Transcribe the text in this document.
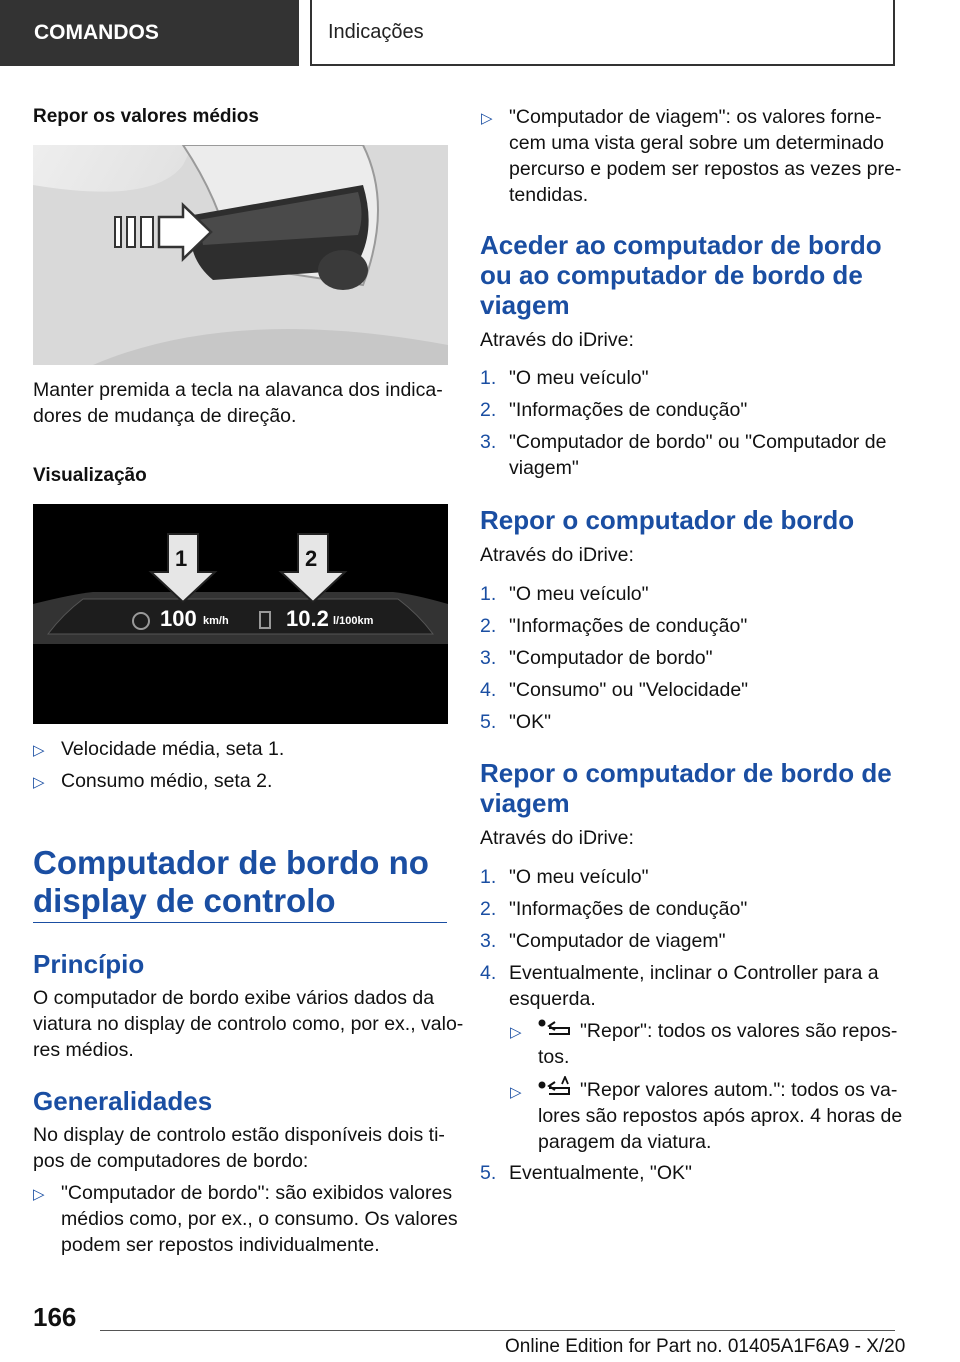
COMANDOS	Indicações
Repor os valores médios
Manter premida a tecla na alavanca dos indica-
dores de mudança de direção.
Visualização
1	2
100 km/h	10.2 l/100km
▷ Velocidade média, seta 1.
▷ Consumo médio, seta 2.
Computador de bordo no
display de controlo
Princípio
O computador de bordo exibe vários dados da
viatura no display de controlo como, por ex., valo-
res médios.
Generalidades
No display de controlo estão disponíveis dois ti-
pos de computadores de bordo:
▷ "Computador de bordo": são exibidos valores
médios como, por ex., o consumo. Os valores
podem ser repostos individualmente.
▷ "Computador de viagem": os valores forne-
cem uma vista geral sobre um determinado
percurso e podem ser repostos as vezes pre-
tendidas.
Aceder ao computador de bordo
ou ao computador de bordo de
viagem
Através do iDrive:
1. "O meu veículo"
2. "Informações de condução"
3. "Computador de bordo" ou "Computador de
viagem"
Repor o computador de bordo
Através do iDrive:
1. "O meu veículo"
2. "Informações de condução"
3. "Computador de bordo"
4. "Consumo" ou "Velocidade"
5. "OK"
Repor o computador de bordo de
viagem
Através do iDrive:
1. "O meu veículo"
2. "Informações de condução"
3. "Computador de viagem"
4. Eventualmente, inclinar o Controller para a
esquerda.
▷	"Repor": todos os valores são repos-
tos.
▷	"Repor valores autom.": todos os va-
lores são repostos após aprox. 4 horas de
paragem da viatura.
5. Eventualmente, "OK"
166
Online Edition for Part no. 01405A1F6A9 - X/20
